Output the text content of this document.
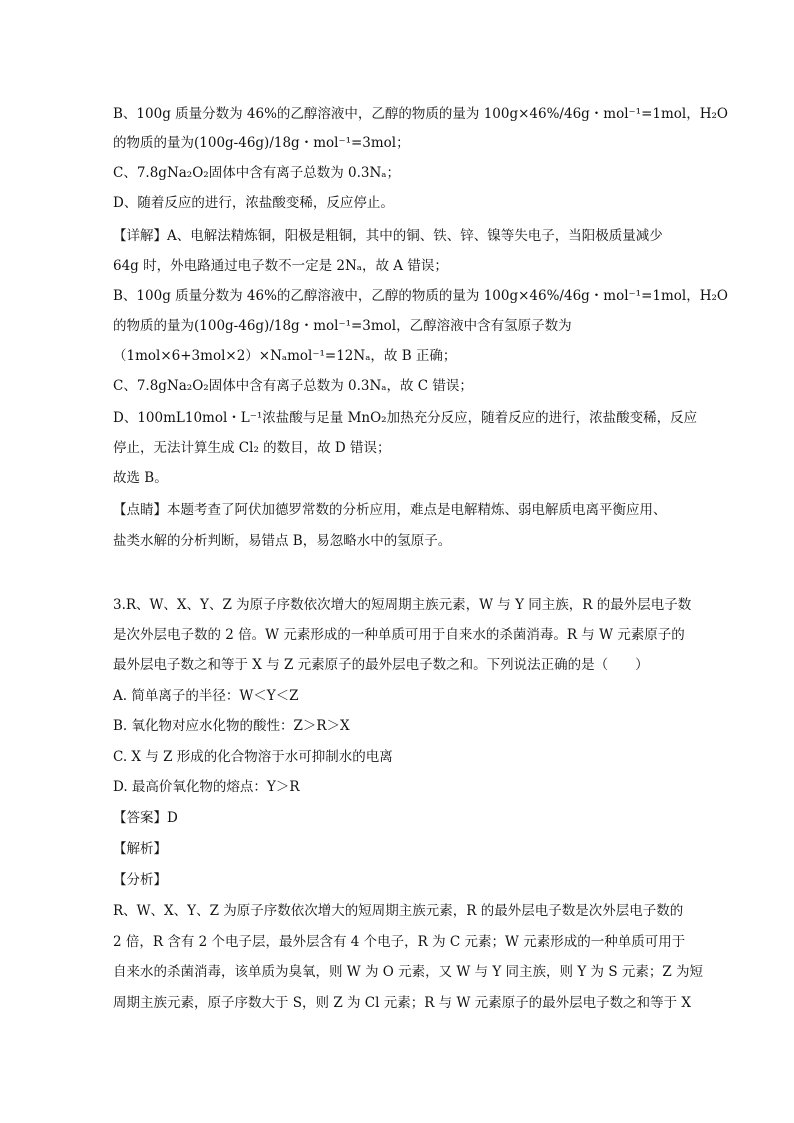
B、100g 质量分数为 46%的乙醇溶液中，乙醇的物质的量为 100g×46%/46g・mol⁻¹=1mol，H₂O
的物质的量为(100g-46g)/18g・mol⁻¹=3mol；
C、7.8gNa₂O₂固体中含有离子总数为 0.3Nₐ；
D、随着反应的进行，浓盐酸变稀，反应停止。
【详解】A、电解法精炼铜，阳极是粗铜，其中的铜、铁、锌、镍等失电子，当阳极质量减少
64g 时，外电路通过电子数不一定是 2Nₐ，故 A 错误；
B、100g 质量分数为 46%的乙醇溶液中，乙醇的物质的量为 100g×46%/46g・mol⁻¹=1mol，H₂O
的物质的量为(100g-46g)/18g・mol⁻¹=3mol，乙醇溶液中含有氢原子数为
（1mol×6+3mol×2）×Nₐmol⁻¹=12Nₐ，故 B 正确；
C、7.8gNa₂O₂固体中含有离子总数为 0.3Nₐ，故 C 错误；
D、100mL10mol・L⁻¹浓盐酸与足量 MnO₂加热充分反应，随着反应的进行，浓盐酸变稀，反应
停止，无法计算生成 Cl₂ 的数目，故 D 错误；
故选 B。
【点睛】本题考查了阿伏加德罗常数的分析应用，难点是电解精炼、弱电解质电离平衡应用、
盐类水解的分析判断，易错点 B，易忽略水中的氢原子。
3.R、W、X、Y、Z 为原子序数依次增大的短周期主族元素，W 与 Y 同主族，R 的最外层电子数
是次外层电子数的 2 倍。W 元素形成的一种单质可用于自来水的杀菌消毒。R 与 W 元素原子的
最外层电子数之和等于 X 与 Z 元素原子的最外层电子数之和。下列说法正确的是（　　）
A. 简单离子的半径：W＜Y＜Z
B. 氧化物对应水化物的酸性：Z＞R＞X
C. X 与 Z 形成的化合物溶于水可抑制水的电离
D. 最高价氧化物的熔点：Y＞R
【答案】D
【解析】
【分析】
R、W、X、Y、Z 为原子序数依次增大的短周期主族元素，R 的最外层电子数是次外层电子数的
2 倍，R 含有 2 个电子层，最外层含有 4 个电子，R 为 C 元素；W 元素形成的一种单质可用于
自来水的杀菌消毒，该单质为臭氧，则 W 为 O 元素，又 W 与 Y 同主族，则 Y 为 S 元素；Z 为短
周期主族元素，原子序数大于 S，则 Z 为 Cl 元素；R 与 W 元素原子的最外层电子数之和等于 X
